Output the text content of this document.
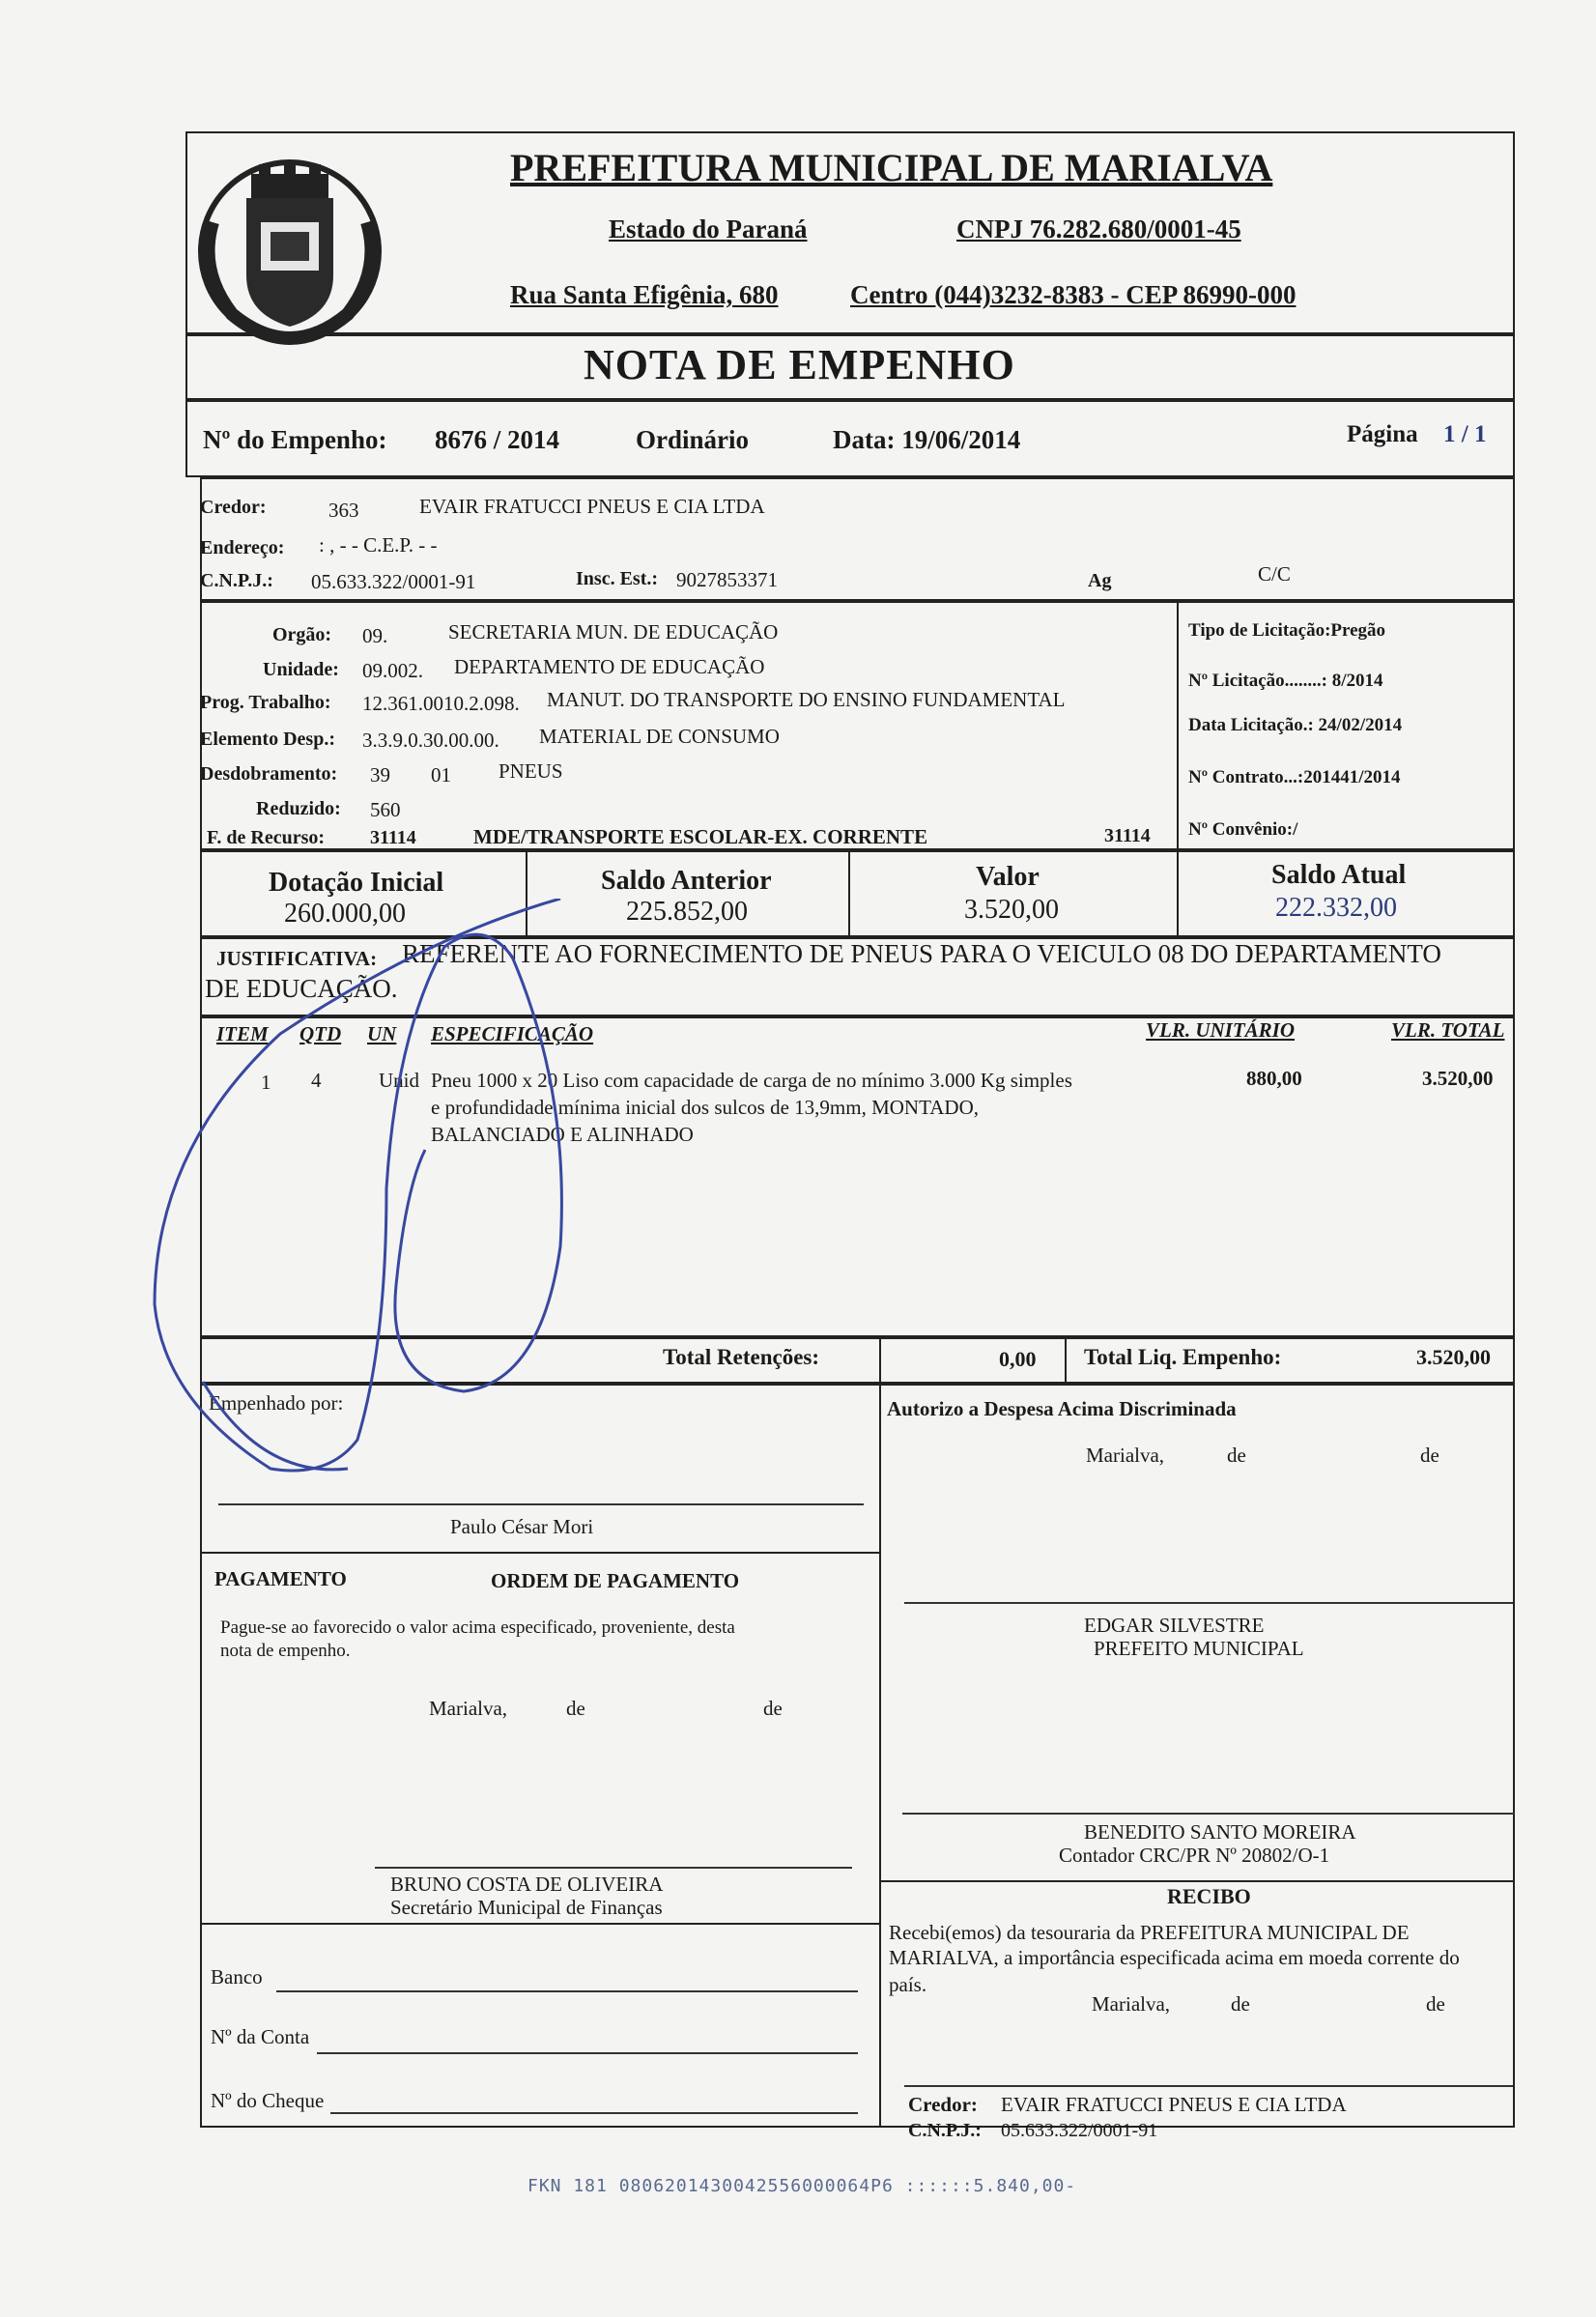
PREFEITURA MUNICIPAL DE MARIALVA
Estado do Paraná	CNPJ 76.282.680/0001-45
Rua Santa Efigênia, 680	Centro (044)3232-8383 - CEP 86990-000
NOTA DE EMPENHO
Nº do Empenho: 8676 / 2014	Ordinário	Data: 19/06/2014	Página 1 / 1
Credor:	363	EVAIR FRATUCCI PNEUS E CIA LTDA
Endereço: : , - - C.E.P. - -
C.N.P.J.: 05.633.322/0001-91	Insc. Est.: 9027853371	Ag	C/C
Orgão: 09.	SECRETARIA MUN. DE EDUCAÇÃO
Unidade: 09.002. DEPARTAMENTO DE EDUCAÇÃO
Prog. Trabalho: 12.361.0010.2.098. MANUT. DO TRANSPORTE DO ENSINO FUNDAMENTAL
Elemento Desp.: 3.3.9.0.30.00.00. MATERIAL DE CONSUMO
Desdobramento: 39 01 PNEUS
Reduzido: 560
F. de Recurso: 31114	MDE/TRANSPORTE ESCOLAR-EX. CORRENTE	31114
Tipo de Licitação:Pregão
Nº Licitação........: 8/2014
Data Licitação.: 24/02/2014
Nº Contrato...:201441/2014
Nº Convênio:/
Dotação Inicial
260.000,00
Saldo Anterior
225.852,00
Valor
3.520,00
Saldo Atual
222.332,00
JUSTIFICATIVA: REFERENTE AO FORNECIMENTO DE PNEUS PARA O VEICULO 08 DO DEPARTAMENTO
DE EDUCAÇÃO.
ITEM QTD UN ESPECIFICAÇÃO	VLR. UNITÁRIO	VLR. TOTAL
1 4	Unid Pneu 1000 x 20 Liso com capacidade de carga de no mínimo 3.000 Kg simples
e profundidade mínima inicial dos sulcos de 13,9mm, MONTADO,
BALANCIADO E ALINHADO
880,00	3.520,00
Total Retenções:	0,00 Total Liq. Empenho:	3.520,00
Empenhado por:
Paulo César Mori
Autorizo a Despesa Acima Discriminada
Marialva,	de	de
EDGAR SILVESTRE
PREFEITO MUNICIPAL
PAGAMENTO	ORDEM DE PAGAMENTO
Pague-se ao favorecido o valor acima especificado, proveniente, desta
nota de empenho.
Marialva,	de	de
BENEDITO SANTO MOREIRA
Contador CRC/PR Nº 20802/O-1
BRUNO COSTA DE OLIVEIRA
Secretário Municipal de Finanças	RECIBO
Recebi(emos) da tesouraria da PREFEITURA MUNICIPAL DE
MARIALVA, a importância especificada acima em moeda corrente do
país.
Marialva,	de	de
Banco
Nº da Conta
Nº do Cheque	Credor: EVAIR FRATUCCI PNEUS E CIA LTDA
C.N.P.J.: 05.633.322/0001-91
FKN 181 0806201430042556000064P6 ::::::5.840,00-
